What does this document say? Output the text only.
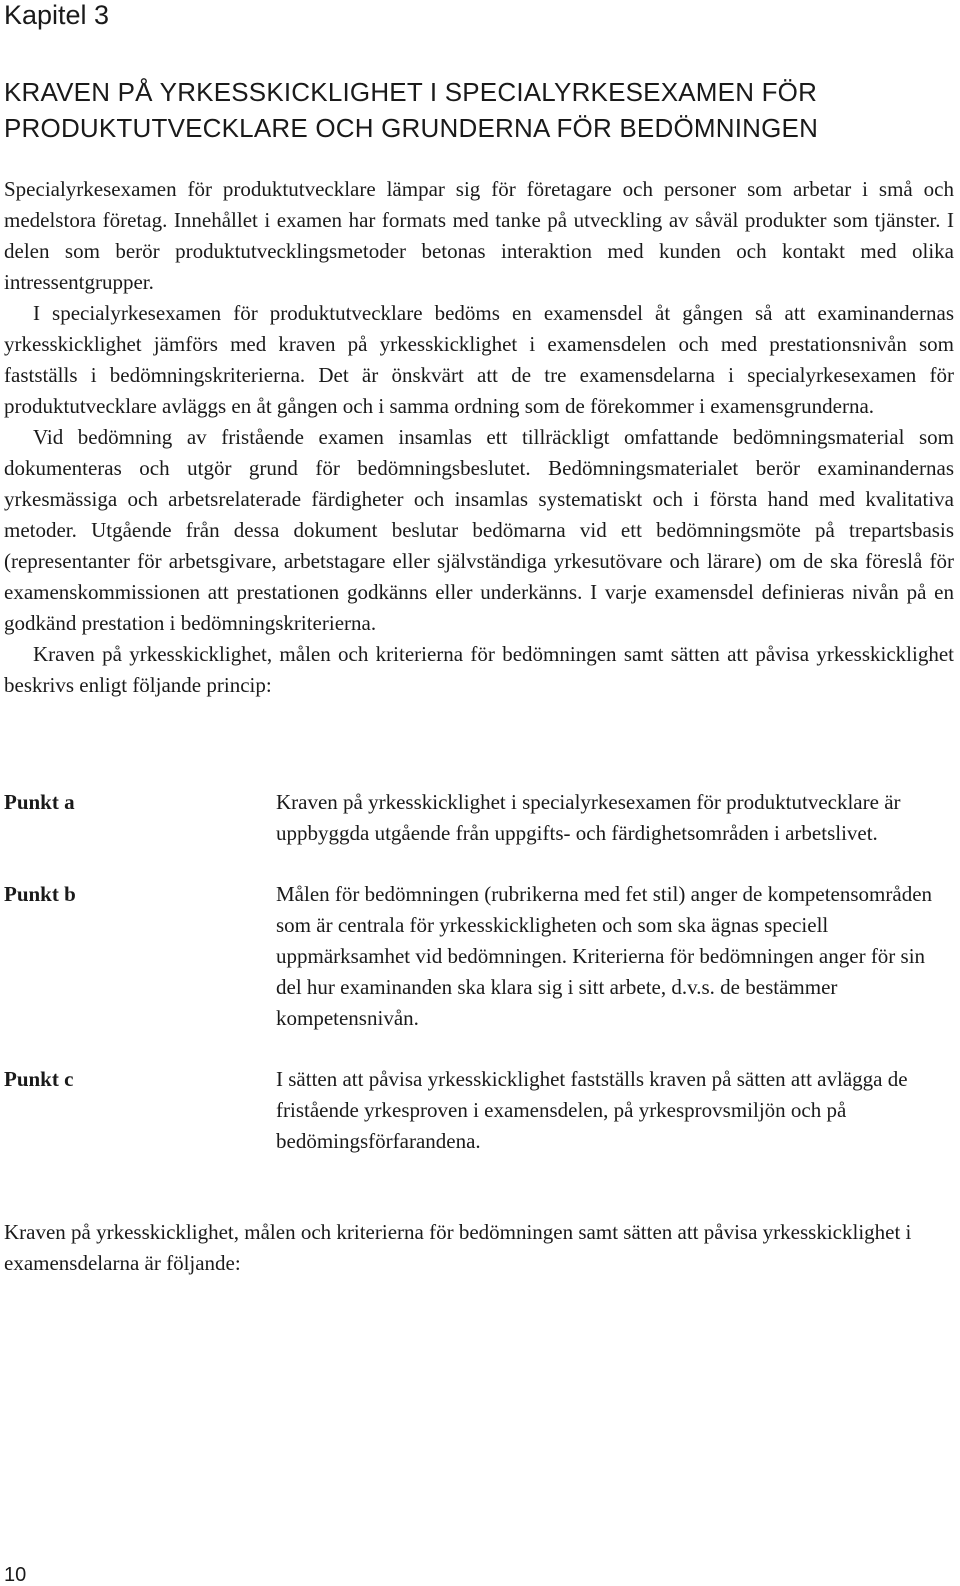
Kapitel 3
KRAVEN PÅ YRKESSKICKLIGHET I SPECIALYRKESEXAMEN FÖR
PRODUKTUTVECKLARE OCH GRUNDERNA FÖR BEDÖMNINGEN

Specialyrkesexamen för produktutvecklare lämpar sig för företagare och personer som arbetar i små och medelstora företag. Innehållet i examen har formats med tanke på utveckling av såväl produkter som tjänster. I delen som berör produktutvecklingsmetoder betonas interaktion med kunden och kontakt med olika intressentgrupper.

I specialyrkesexamen för produktutvecklare bedöms en examensdel åt gången så att examinandernas yrkesskicklighet jämförs med kraven på yrkesskicklighet i examensdelen och med prestationsnivån som fastställs i bedömningskriterierna. Det är önskvärt att de tre examensdelarna i specialyrkesexamen för produktutvecklare avläggs en åt gången och i samma ordning som de förekommer i examensgrunderna.

Vid bedömning av fristående examen insamlas ett tillräckligt omfattande bedömningsmaterial som dokumenteras och utgör grund för bedömningsbeslutet. Bedömningsmaterialet berör examinandernas yrkesmässiga och arbetsrelaterade färdigheter och insamlas systematiskt och i första hand med kvalitativa metoder. Utgående från dessa dokument beslutar bedömarna vid ett bedömningsmöte på trepartsbasis (representanter för arbetsgivare, arbetstagare eller självständiga yrkesutövare och lärare) om de ska föreslå för examenskommissionen att prestationen godkänns eller underkänns. I varje examensdel definieras nivån på en godkänd prestation i bedömningskriterierna.

Kraven på yrkesskicklighet, målen och kriterierna för bedömningen samt sätten att påvisa yrkesskicklighet beskrivs enligt följande princip:

Punkt a	Kraven på yrkesskicklighet i specialyrkesexamen för produktutvecklare är uppbyggda utgående från uppgifts- och färdighetsområden i arbetslivet.
Punkt b	Målen för bedömningen (rubrikerna med fet stil) anger de kompetensområden som är centrala för yrkesskickligheten och som ska ägnas speciell uppmärksamhet vid bedömningen. Kriterierna för bedömningen anger för sin del hur examinanden ska klara sig i sitt arbete, d.v.s. de bestämmer kompetensnivån.
Punkt c	I sätten att påvisa yrkesskicklighet fastställs kraven på sätten att avlägga de fristående yrkesproven i examensdelen, på yrkesprovsmiljön och på bedömingsförfarandena.

Kraven på yrkesskicklighet, målen och kriterierna för bedömningen samt sätten att påvisa yrkesskicklighet i examensdelarna är följande:

10
